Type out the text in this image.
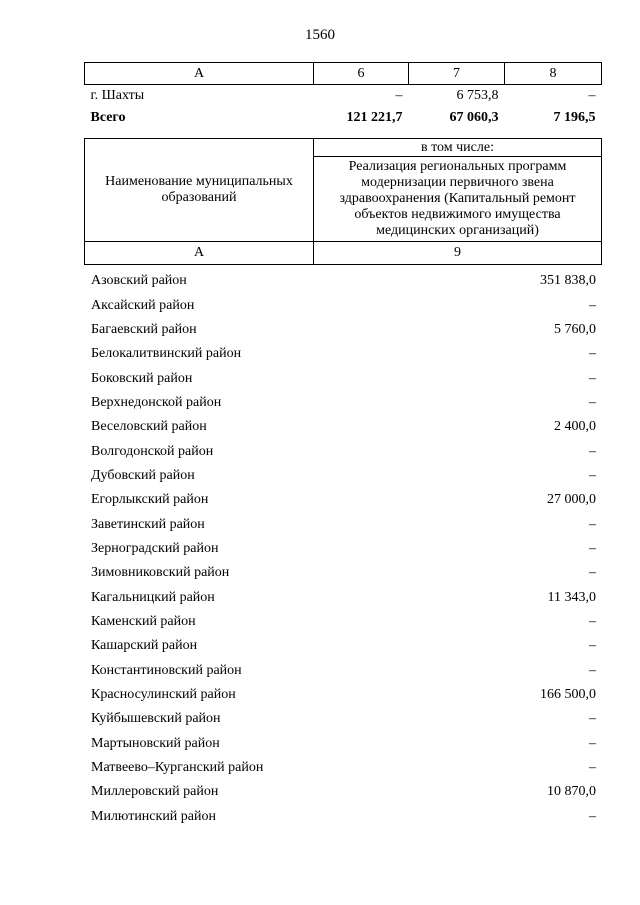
1560
А	6	7	8
г. Шахты	–	6 753,8	–
Всего	121 221,7	67 060,3	7 196,5
Наименование муниципальных образований	в том числе:
	Реализация региональных программ модернизации первичного звена здравоохранения (Капитальный ремонт объектов недвижимого имущества медицинских организаций)
А	9
Азовский район	351 838,0
Аксайский район	–
Багаевский район	5 760,0
Белокалитвинский район	–
Боковский район	–
Верхнедонской район	–
Веселовский район	2 400,0
Волгодонской район	–
Дубовский район	–
Егорлыкский район	27 000,0
Заветинский район	–
Зерноградский район	–
Зимовниковский район	–
Кагальницкий район	11 343,0
Каменский район	–
Кашарский район	–
Константиновский район	–
Красносулинский район	166 500,0
Куйбышевский район	–
Мартыновский район	–
Матвеево–Курганский район	–
Миллеровский район	10 870,0
Милютинский район	–
